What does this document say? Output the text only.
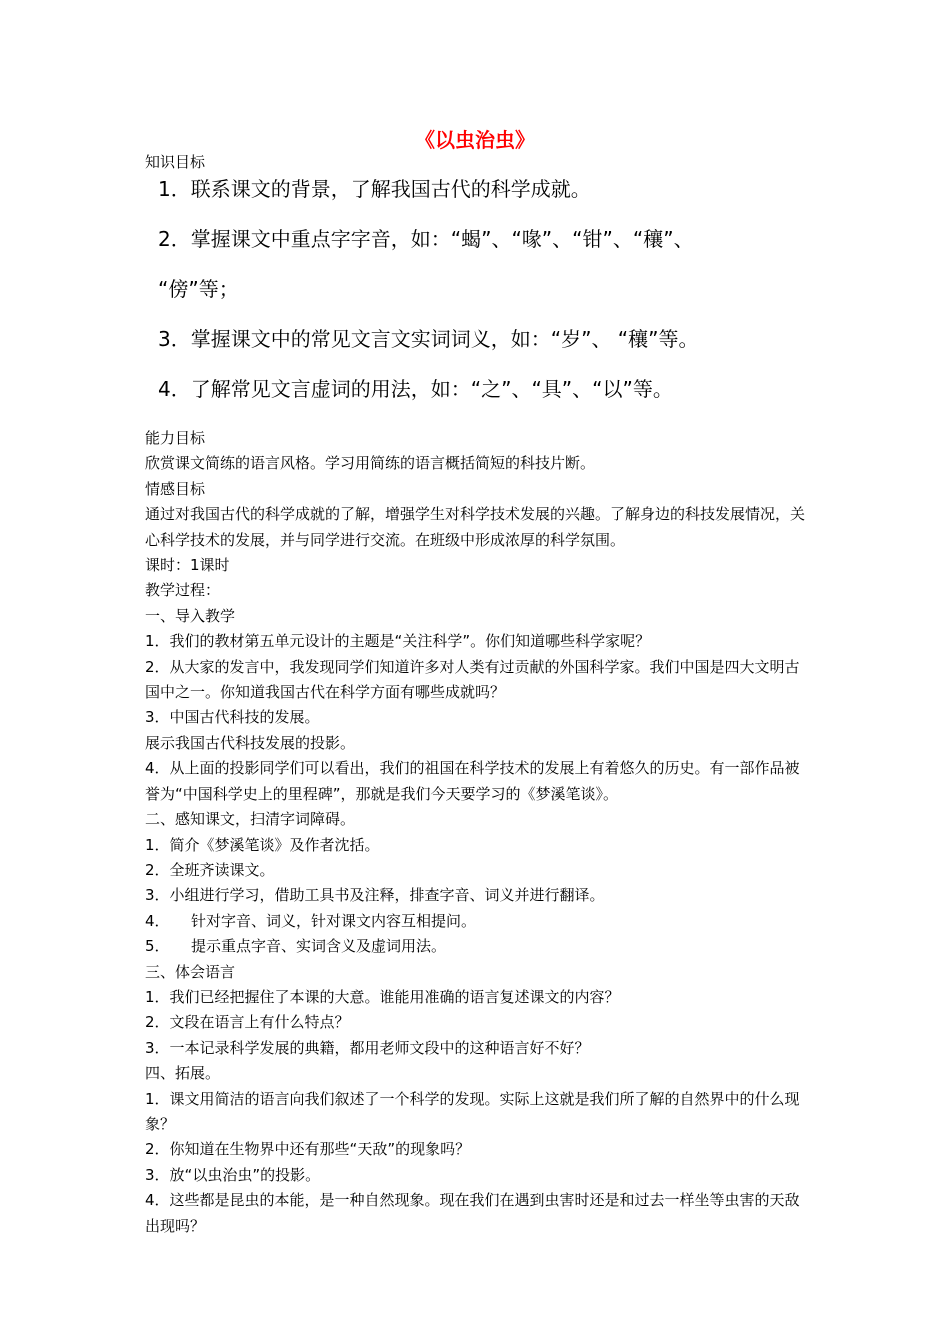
《以虫治虫》
知识目标
1．联系课文的背景，了解我国古代的科学成就。
2．掌握课文中重点字字音，如：“蝎”、“喙”、“钳”、“穰”、
“傍”等；
3．掌握课文中的常见文言文实词词义，如：“岁”、 “穰”等。
4．了解常见文言虚词的用法，如：“之”、“具”、“以”等。

能力目标

欣赏课文简练的语言风格。学习用简练的语言概括简短的科技片断。

情感目标

通过对我国古代的科学成就的了解，增强学生对科学技术发展的兴趣。了解身边的科技发展情况，关心科学技术的发展，并与同学进行交流。在班级中形成浓厚的科学氛围。

课时：1课时

教学过程：

一、导入教学

1．我们的教材第五单元设计的主题是“关注科学”。你们知道哪些科学家呢？

2．从大家的发言中，我发现同学们知道许多对人类有过贡献的外国科学家。我们中国是四大文明古国中之一。你知道我国古代在科学方面有哪些成就吗？

3．中国古代科技的发展。

展示我国古代科技发展的投影。

4．从上面的投影同学们可以看出，我们的祖国在科学技术的发展上有着悠久的历史。有一部作品被誉为“中国科学史上的里程碑”，那就是我们今天要学习的《梦溪笔谈》。

二、感知课文，扫清字词障碍。

1．简介《梦溪笔谈》及作者沈括。

2．全班齐读课文。

3．小组进行学习，借助工具书及注释，排查字音、词义并进行翻译。

4． 针对字音、词义，针对课文内容互相提问。

5． 提示重点字音、实词含义及虚词用法。

三、体会语言

1．我们已经把握住了本课的大意。谁能用准确的语言复述课文的内容？

2．文段在语言上有什么特点？

3．一本记录科学发展的典籍，都用老师文段中的这种语言好不好？

四、拓展。

1．课文用简洁的语言向我们叙述了一个科学的发现。实际上这就是我们所了解的自然界中的什么现象？

2．你知道在生物界中还有那些“天敌”的现象吗？

3．放“以虫治虫”的投影。

4．这些都是昆虫的本能，是一种自然现象。现在我们在遇到虫害时还是和过去一样坐等虫害的天敌出现吗？
